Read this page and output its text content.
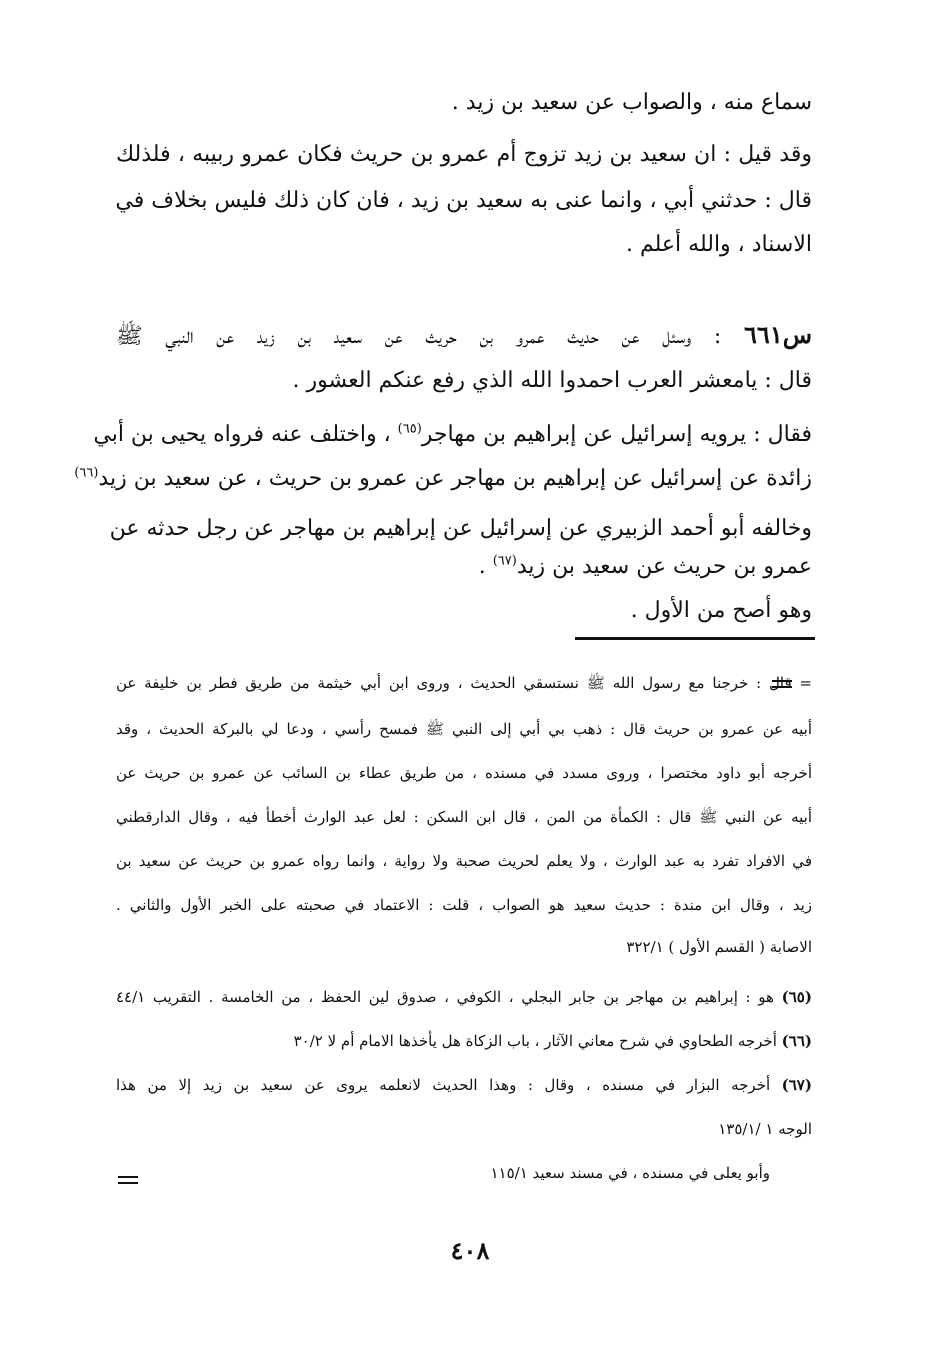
سماع منه ، والصواب عن سعيد بن زيد .
وقد قيل : ان سعيد بن زيد تزوج أم عمرو بن حريث فكان عمرو ربيبه ، فلذلك
قال : حدثني أبي ، وانما عنى به سعيد بن زيد ، فان كان ذلك فليس بخلاف في
الاسناد ، والله أعلم .
س٦٦١ : وسئل عن حديث عمرو بن حريث عن سعيد بن زيد عن النبي ﷺ
قال : يامعشر العرب احمدوا الله الذي رفع عنكم العشور .
فقال : يرويه إسرائيل عن إبراهيم بن مهاجر$^{(٦٥)}$ ، واختلف عنه فرواه يحيى بن أبي
زائدة عن إسرائيل عن إبراهيم بن مهاجر عن عمرو بن حريث ، عن سعيد بن زيد$^{(٦٦)}$
وخالفه أبو أحمد الزبيري عن إسرائيل عن إبراهيم بن مهاجر عن رجل حدثه عن
عمرو بن حريث عن سعيد بن زيد$^{(٦٧)}$ .
وهو أصح من الأول .
= قال : خرجنا مع رسول الله ﷺ نستسقي الحديث ، وروى ابن أبي خيثمة من طريق فطر بن خليفة عن
أبيه عن عمرو بن حريث قال : ذهب بي أبي إلى النبي ﷺ فمسح رأسي ، ودعا لي بالبركة الحديث ، وقد
أخرجه أبو داود مختصرا ، وروى مسدد في مسنده ، من طريق عطاء بن السائب عن عمرو بن حريث عن
أبيه عن النبي ﷺ قال : الكمأة من المن ، قال ابن السكن : لعل عبد الوارث أخطأ فيه ، وقال الدارقطني
في الافراد تفرد به عبد الوارث ، ولا يعلم لحريث صحبة ولا رواية ، وانما رواه عمرو بن حريث عن سعيد بن
زيد ، وقال ابن مندة : حديث سعيد هو الصواب ، قلت : الاعتماد في صحبته على الخبر الأول والثاني .
الاصابة ( القسم الأول ) ٣٢٢/١
(٦٥) هو : إبراهيم بن مهاجر بن جابر البجلي ، الكوفي ، صدوق لين الحفظ ، من الخامسة . التقريب ٤٤/١
(٦٦) أخرجه الطحاوي في شرح معاني الآثار ، باب الزكاة هل يأخذها الامام أم لا ٣٠/٢
(٦٧) أخرجه البزار في مسنده ، وقال : وهذا الحديث لانعلمه يروى عن سعيد بن زيد إلا من هذا
الوجه ١ /١٣٥/١
وأبو يعلى في مسنده ، في مسند سعيد ١١٥/١
٤٠٨
